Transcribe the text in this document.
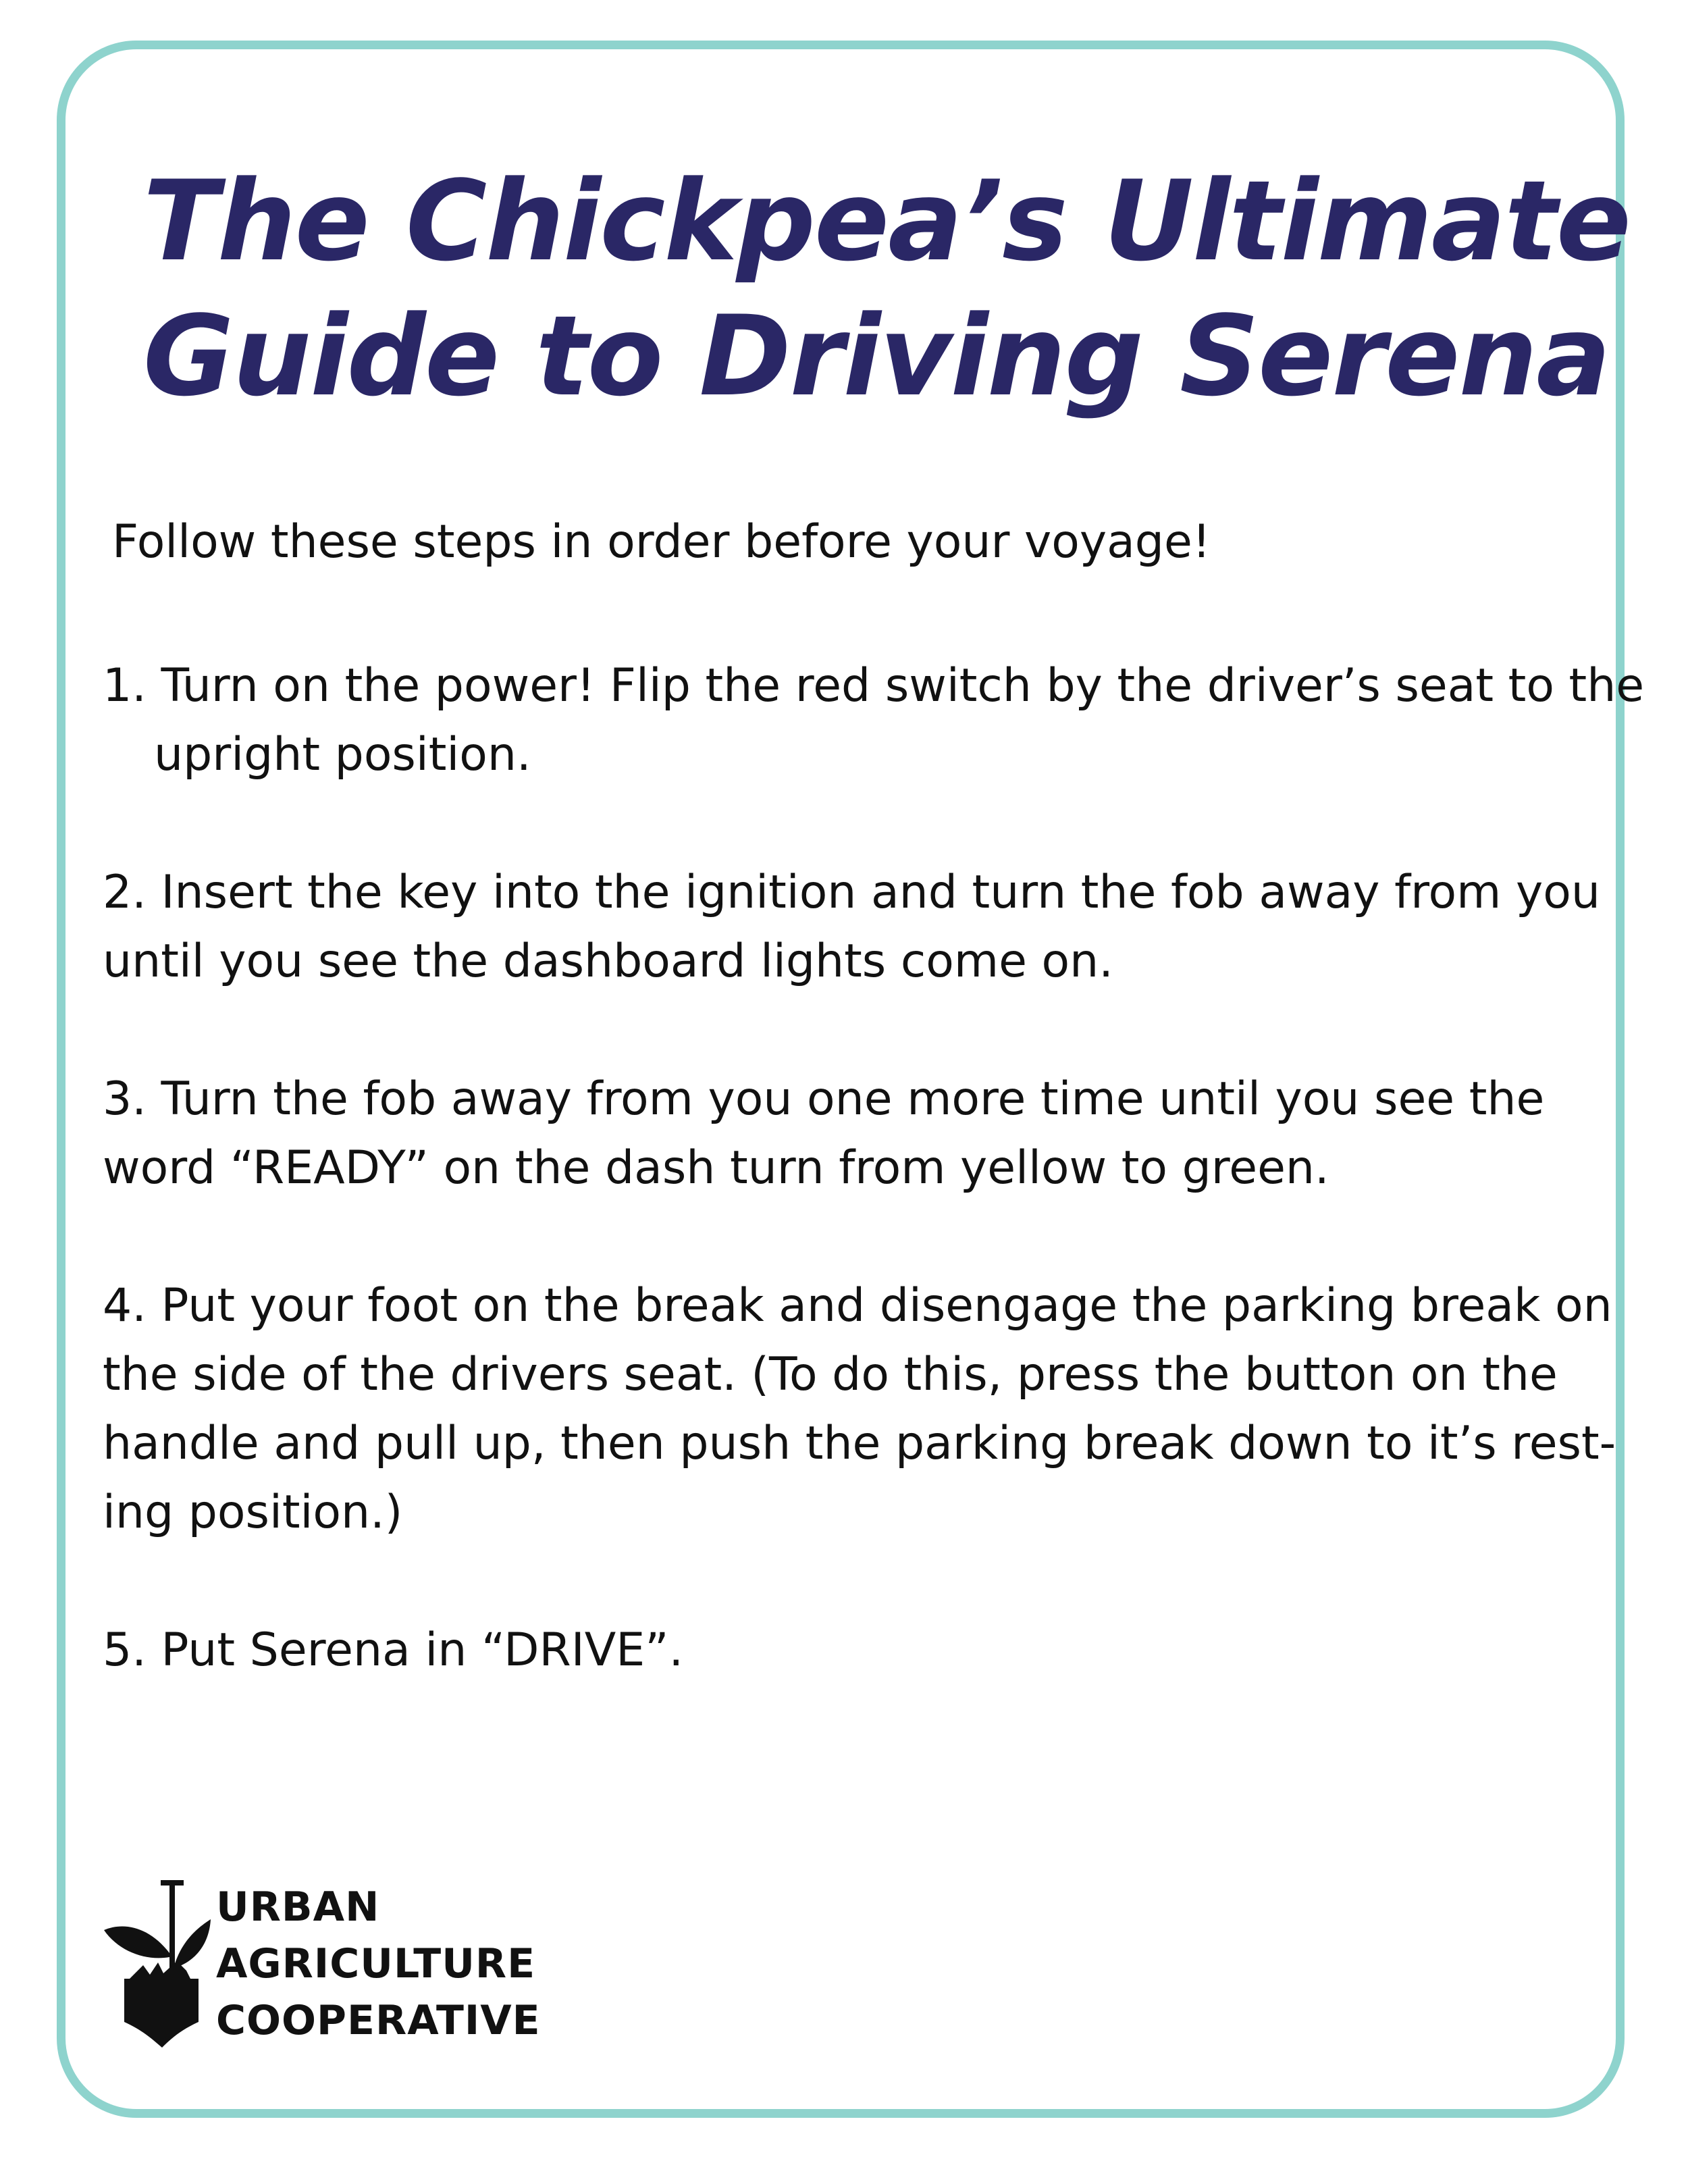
The Chickpea’s Ultimate
Guide to Driving Serena

Follow these steps in order before your voyage!

1. Turn on the power! Flip the red switch by the driver’s seat to the
upright position.
2. Insert the key into the ignition and turn the fob away from you
until you see the dashboard lights come on.
3. Turn the fob away from you one more time until you see the
word “READY” on the dash turn from yellow to green.
4. Put your foot on the break and disengage the parking break on
the side of the drivers seat. (To do this, press the button on the
handle and pull up, then push the parking break down to it’s rest-
ing position.)
5. Put Serena in “DRIVE”.
URBAN
AGRICULTURE
COOPERATIVE
